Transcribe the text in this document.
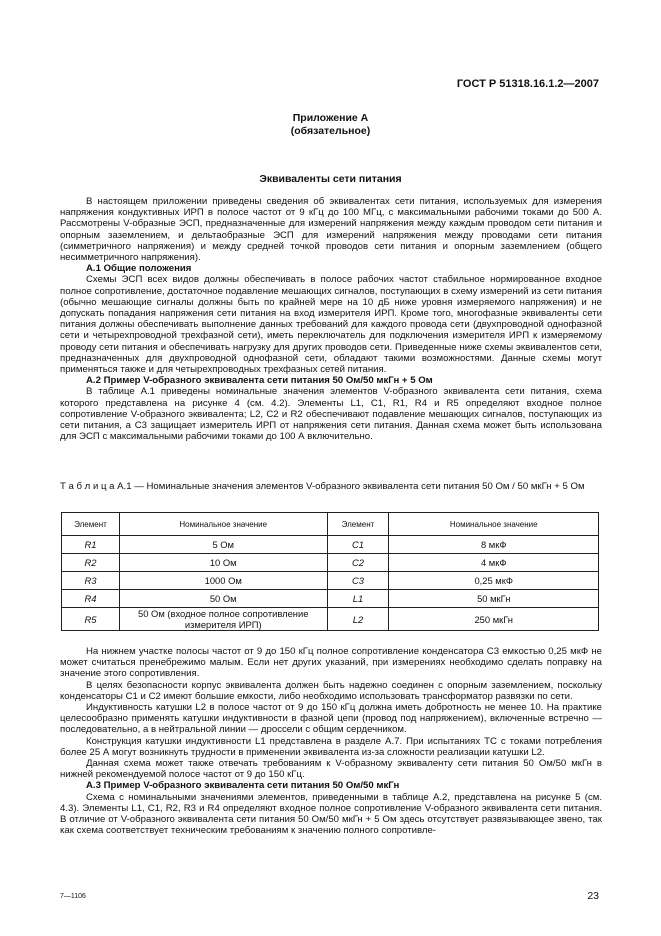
ГОСТ Р 51318.16.1.2—2007
Приложение А
(обязательное)
Эквиваленты сети питания

В настоящем приложении приведены сведения об эквивалентах сети питания, используемых для измерения напряжения кондуктивных ИРП в полосе частот от 9 кГц до 100 МГц, с максимальными рабочими токами до 500 А. Рассмотрены V-образные ЭСП, предназначенные для измерений напряжения между каждым проводом сети питания и опорным заземлением, и дельтаобразные ЭСП для измерений напряжения между проводами сети питания (симметричного напряжения) и между средней точкой проводов сети питания и опорным заземлением (общего несимметричного напряжения).

А.1 Общие положения

Схемы ЭСП всех видов должны обеспечивать в полосе рабочих частот стабильное нормированное входное полное сопротивление, достаточное подавление мешающих сигналов, поступающих в схему измерений из сети питания (обычно мешающие сигналы должны быть по крайней мере на 10 дБ ниже уровня измеряемого напряжения) и не допускать попадания напряжения сети питания на вход измерителя ИРП. Кроме того, многофазные эквиваленты сети питания должны обеспечивать выполнение данных требований для каждого провода сети (двухпроводной однофазной сети и четырехпроводной трехфазной сети), иметь переключатель для подключения измерителя ИРП к измеряемому проводу сети питания и обеспечивать нагрузку для других проводов сети. Приведенные ниже схемы эквивалентов сети, предназначенных для двухпроводной однофазной сети, обладают такими возможностями. Данные схемы могут применяться также и для четырехпроводных трехфазных сетей питания.

А.2 Пример V-образного эквивалента сети питания 50 Ом/50 мкГн + 5 Ом

В таблице А.1 приведены номинальные значения элементов V-образного эквивалента сети питания, схема которого представлена на рисунке 4 (см. 4.2). Элементы L1, C1, R1, R4 и R5 определяют входное полное сопротивление V-образного эквивалента; L2, C2 и R2 обеспечивают подавление мешающих сигналов, поступающих из сети питания, а C3 защищает измеритель ИРП от напряжения сети питания. Данная схема может быть использована для ЭСП с максимальными рабочими токами до 100 А включительно.

Т а б л и ц а А.1 — Номинальные значения элементов V-образного эквивалента сети питания 50 Ом / 50 мкГн + 5 Ом
Элемент	Номинальное значение	Элемент	Номинальное значение
R1	5 Ом	C1	8 мкФ
R2	10 Ом	C2	4 мкФ
R3	1000 Ом	C3	0,25 мкФ
R4	50 Ом	L1	50 мкГн
R5	50 Ом (входное полное сопротивление измерителя ИРП)	L2	250 мкГн

На нижнем участке полосы частот от 9 до 150 кГц полное сопротивление конденсатора C3 емкостью 0,25 мкФ не может считаться пренебрежимо малым. Если нет других указаний, при измерениях необходимо сделать поправку на значение этого сопротивления.

В целях безопасности корпус эквивалента должен быть надежно соединен с опорным заземлением, поскольку конденсаторы C1 и C2 имеют большие емкости, либо необходимо использовать трансформатор развязки по сети.

Индуктивность катушки L2 в полосе частот от 9 до 150 кГц должна иметь добротность не менее 10. На практике целесообразно применять катушки индуктивности в фазной цепи (провод под напряжением), включенные встречно — последовательно, а в нейтральной линии — дроссели с общим сердечником.

Конструкция катушки индуктивности L1 представлена в разделе А.7. При испытаниях ТС с токами потребления более 25 А могут возникнуть трудности в применении эквивалента из-за сложности реализации катушки L2.

Данная схема может также отвечать требованиям к V-образному эквиваленту сети питания 50 Ом/50 мкГн в нижней рекомендуемой полосе частот от 9 до 150 кГц.

А.3 Пример V-образного эквивалента сети питания 50 Ом/50 мкГн

Схема с номинальными значениями элементов, приведенными в таблице А.2, представлена на рисунке 5 (см. 4.3). Элементы L1, C1, R2, R3 и R4 определяют входное полное сопротивление V-образного эквивалента сети питания. В отличие от V-образного эквивалента сети питания 50 Ом/50 мкГн + 5 Ом здесь отсутствует развязывающее звено, так как схема соответствует техническим требованиям к значению полного сопротивле-

7—1106	23
